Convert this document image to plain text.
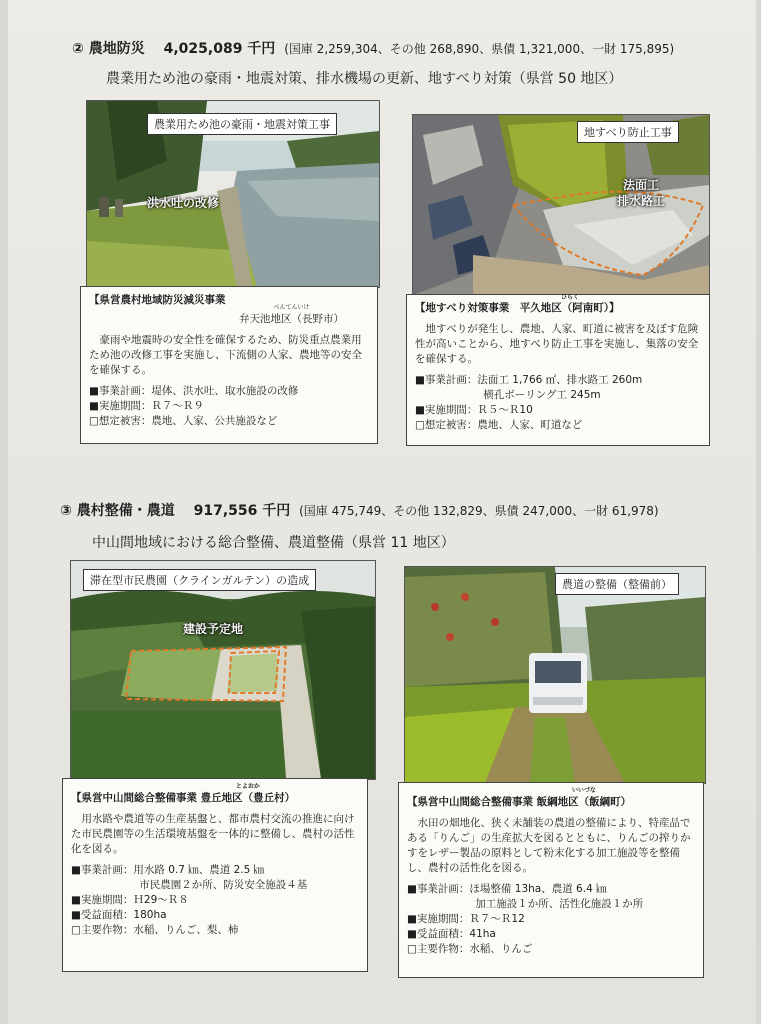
② 農地防災 4,025,089 千円 (国庫 2,259,304、その他 268,890、県債 1,321,000、一財 175,895)
農業用ため池の豪雨・地震対策、排水機場の更新、地すべり対策（県営 50 地区）
農業用ため池の豪雨・地震対策工事
洪水吐の改修
地すべり防止工事
法面工
排水路工
【県営農村地域防災減災事業
べんてんいけ
弁天池地区（長野市）
豪雨や地震時の安全性を確保するため、防災重点農業用ため池の改修工事を実施し、下流側の人家、農地等の安全を確保する。
■事業計画：堤体、洪水吐、取水施設の改修
■実施期間：Ｒ７～Ｒ９
□想定被害：農地、人家、公共施設など
ひらく
【地すべり対策事業　平久地区（阿南町）】
地すべりが発生し、農地、人家、町道に被害を及ぼす危険性が高いことから、地すべり防止工事を実施し、集落の安全を確保する。
■事業計画：法面工 1,766 ㎡、排水路工 260m
横孔ボーリング工 245m
■実施期間：Ｒ５～Ｒ10
□想定被害：農地、人家、町道など
③ 農村整備・農道 917,556 千円 (国庫 475,749、その他 132,829、県債 247,000、一財 61,978)
中山間地域における総合整備、農道整備（県営 11 地区）
滞在型市民農園（クラインガルテン）の造成
建設予定地
農道の整備（整備前）
【県営中山間総合整備事業
とよおか
豊丘地区（豊丘村）
用水路や農道等の生産基盤と、都市農村交流の推進に向けた市民農園等の生活環境基盤を一体的に整備し、農村の活性化を図る。
■事業計画：用水路 0.7 ㎞、農道 2.5 ㎞
市民農園２か所、防災安全施設４基
■実施期間：Ｈ29～Ｒ８
■受益面積：180ha
□主要作物：水稲、りんご、梨、柿
【県営中山間総合整備事業
いいづな
飯綱地区（飯綱町）
水田の畑地化、狭く未舗装の農道の整備により、特産品である「りんご」の生産拡大を図るとともに、りんごの搾りかすをレザー製品の原料として粉末化する加工施設等を整備し、農村の活性化を図る。
■事業計画：ほ場整備 13ha、農道 6.4 ㎞
加工施設１か所、活性化施設１か所
■実施期間：Ｒ７～Ｒ12
■受益面積：41ha
□主要作物：水稲、りんご
